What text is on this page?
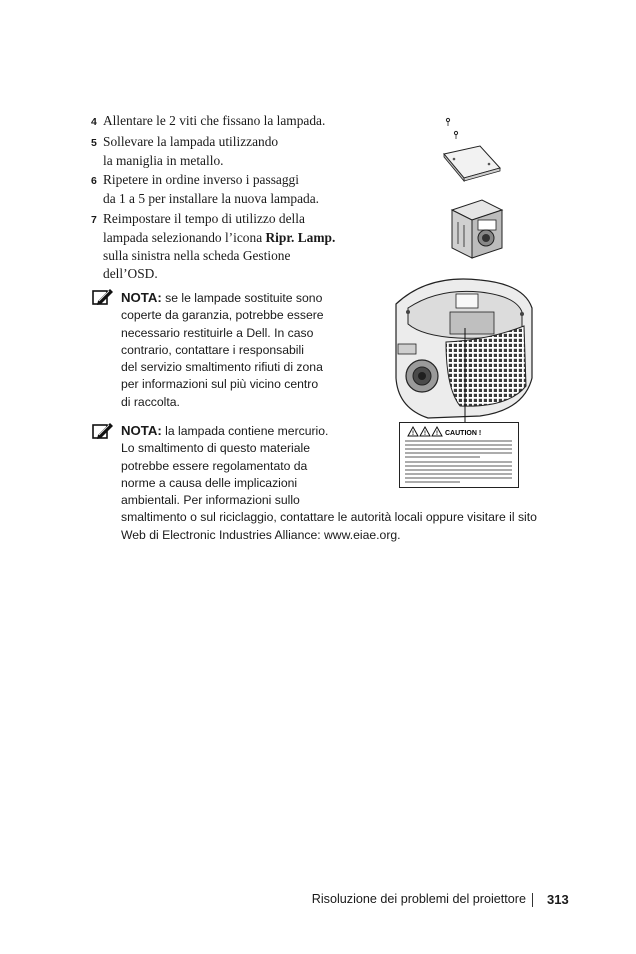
4 Allentare le 2 viti che fissano la lampada.
5 Sollevare la lampada utilizzando
la maniglia in metallo.
6 Ripetere in ordine inverso i passaggi
da 1 a 5 per installare la nuova lampada.
7 Reimpostare il tempo di utilizzo della
lampada selezionando l’icona Ripr. Lamp.
sulla sinistra nella scheda Gestione
dell’OSD.
NOTA: se le lampade sostituite sono
coperte da garanzia, potrebbe essere
necessario restituirle a Dell. In caso
contrario, contattare i responsabili
del servizio smaltimento rifiuti di zona
per informazioni sul più vicino centro
di raccolta.
NOTA: la lampada contiene mercurio.
Lo smaltimento di questo materiale
potrebbe essere regolamentato da
norme a causa delle implicazioni
ambientali. Per informazioni sullo
smaltimento o sul riciclaggio, contattare le autorità locali oppure visitare il sito
Web di Electronic Industries Alliance: www.eiae.org.
! ! ! CAUTION !
Risoluzione dei problemi del proiettore 313
